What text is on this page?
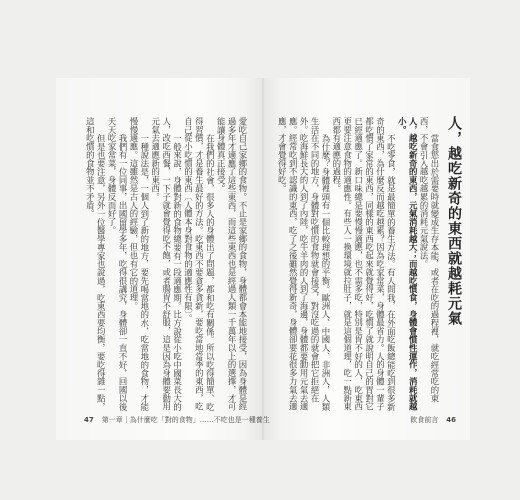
人，越吃新奇的東西就越耗元氣

當食慾出於需要時就變成生存本能，或者在吃的過程裡，就吃經常吃的東西，不會引入越吃越累的消耗元氣說法。

人，越吃新奇的東西，元氣消耗越大；而越吃慣食，身體會慣性運作，消耗就越小。

不吃零食，就是最簡單的養生方法。有人問我，在外面吃飯總能吃到很多新奇的東西，為什麼反而越吃越累？因為吃家常菜，身體最省力。人的身體一輩子都吃慣了家常的東西，同樣的東西吃起來就覺得好，吃慣了就說明自己的胃對它已經適應了。新口味總是要慢慢適應，也不需多吃，特別是胃不好的人，吃東西更要注意食物的適應性。有些人一換環境就拉肚子，就是這個道理，吃一點新東西都有適應的過程。

為什麼？身體裡頭有一個比較理想的平衡。歐洲人、中國人、非洲人，人類生活在不同的地方，身體對吃慣的食物就會接受，對沒吃過的就會把它拒絕在外。吃海鮮長大的人到了內陸，吃牛羊肉的人到了海邊，身體都要動用元氣去適應。經常吃到不認識的東西，吃了之後雖然覺得新奇，身體卻要花很多力氣去適應，才會覺得好吃。

飲食前言 46

愛吃自己家鄉的食物。不止是家鄉的食物，身體都會本能地接受，因為身體是經過多年才適應了這些東西，而這些東西也是經過人類一千萬年以上的選擇，才可能讓身體真正接受。

在我們的社會，很多人的身體出了問題，都和吃有關係。所以吃得簡單、吃得習慣，才是養生最好的方法。吃東西不要貪多貪新，要吃當地當季的東西，吃自己從小吃慣的東西〔人體本身對食物的適應性有限〕。

一般來說，身體對新的食物總要有一段適應期。比方說從小吃中國菜長大的人，改吃西餐，一下子就會覺得吃不飽，或者腸胃不舒服，這是因為身體要動用元氣去適應新的東西。

一種說法是，一個人到了新的地方，要先喝當地的水，吃當地的食物，才能慢慢適應。這雖然是古人的經驗，但也有它的道理。

我們有一位同事，出國留學多年，吃得很講究，身體卻一直不好，回國以後天天吃家常菜，身體反而好了。

但是也要注意，另外一位醫學專家也說過，吃東西要均衡，要吃得雜一點，這和吃慣的食物並不矛盾。

47 第一章｜為什麼吃「對的食物」……不吃也是一種養生
